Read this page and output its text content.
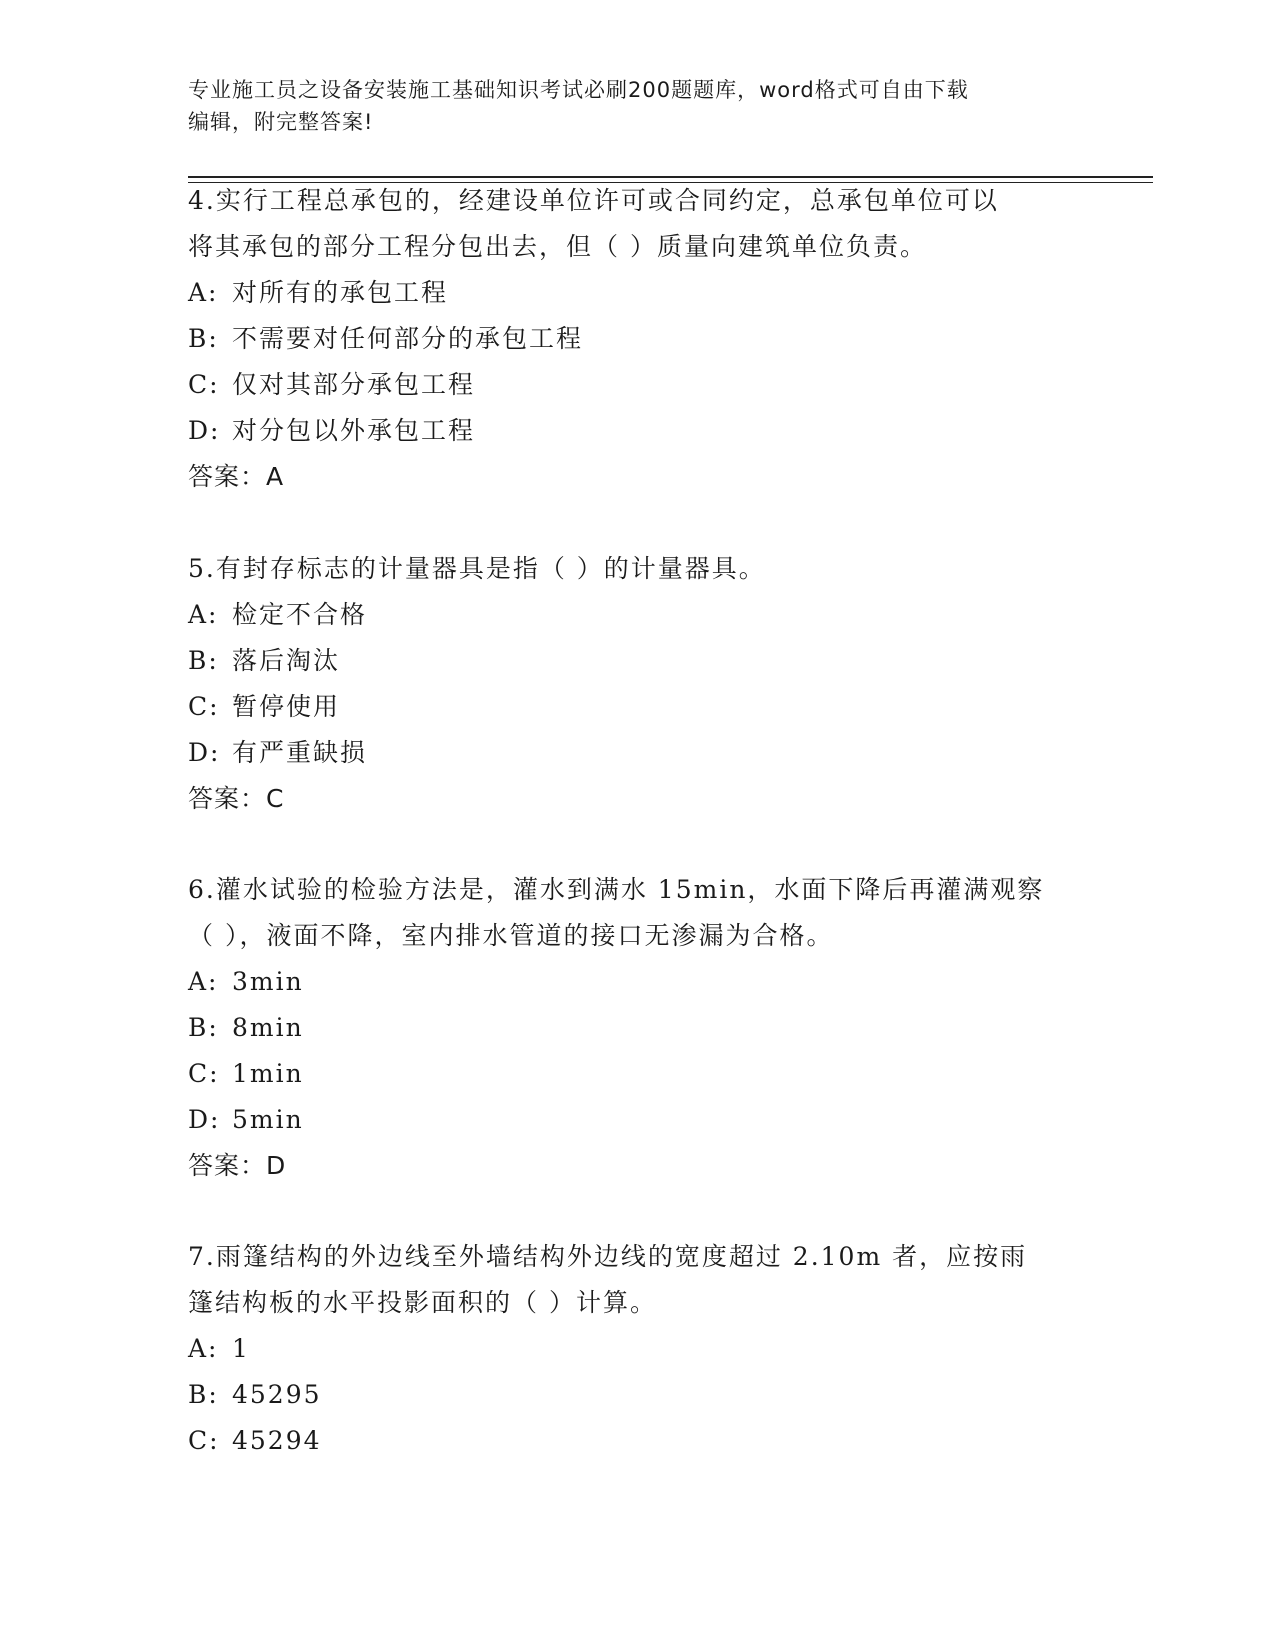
专业施工员之设备安装施工基础知识考试必刷200题题库，word格式可自由下载
编辑，附完整答案!
4.实行工程总承包的，经建设单位许可或合同约定，总承包单位可以
将其承包的部分工程分包出去，但（ ）质量向建筑单位负责。
A: 对所有的承包工程
B: 不需要对任何部分的承包工程
C: 仅对其部分承包工程
D: 对分包以外承包工程
答案：A
5.有封存标志的计量器具是指（ ）的计量器具。
A: 检定不合格
B: 落后淘汰
C: 暂停使用
D: 有严重缺损
答案：C
6.灌水试验的检验方法是，灌水到满水 15min，水面下降后再灌满观察
（ ），液面不降，室内排水管道的接口无渗漏为合格。
A: 3min
B: 8min
C: 1min
D: 5min
答案：D
7.雨篷结构的外边线至外墙结构外边线的宽度超过 2.10m 者，应按雨
篷结构板的水平投影面积的（ ）计算。
A: 1
B: 45295
C: 45294
